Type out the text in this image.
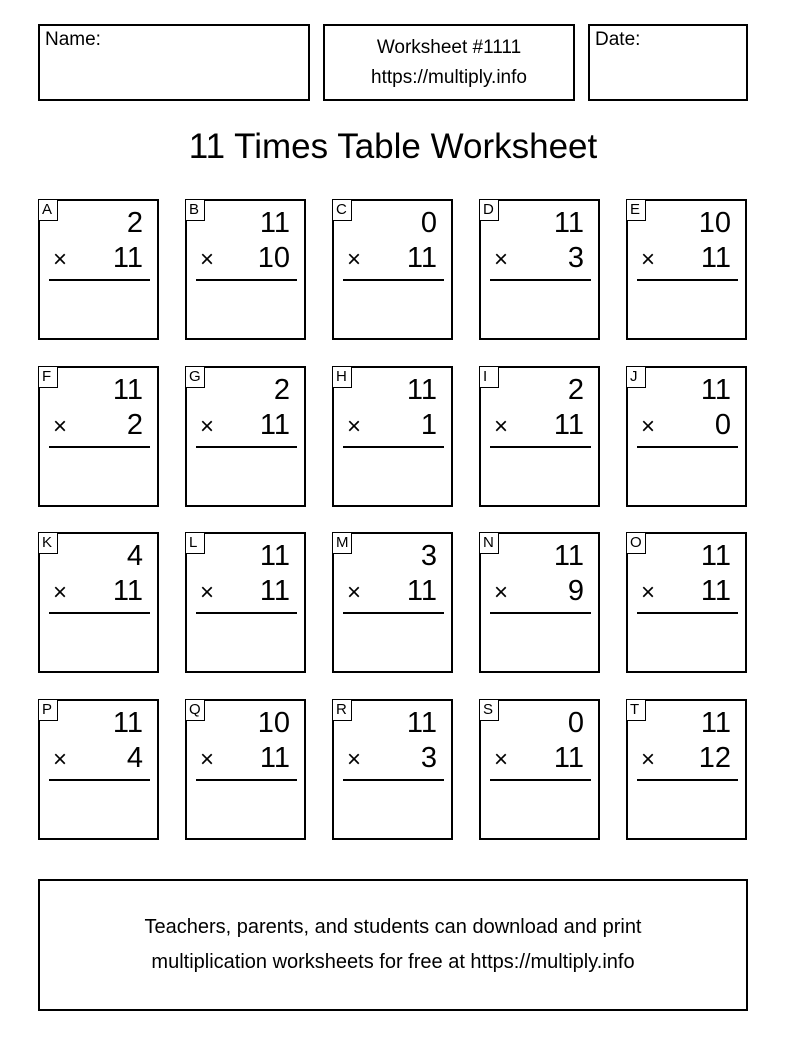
Name:	Worksheet #1111
https://multiply.info
Date:
11 Times Table Worksheet
A	2
× 11
B 11
× 10
C	0
× 11
D 11
× 3
E 10
× 11
F 11
× 2
G	2
× 11
H 11
× 1
I	2
× 11
J 11
× 0
K	4
× 11
L 11
× 11
M 3
× 11
N 11
× 9
O 11
× 11
P 11
× 4
Q 10
× 11
R 11
× 3
S	0
× 11
T 11
× 12
Teachers, parents, and students can download and print
multiplication worksheets for free at https://multiply.info
